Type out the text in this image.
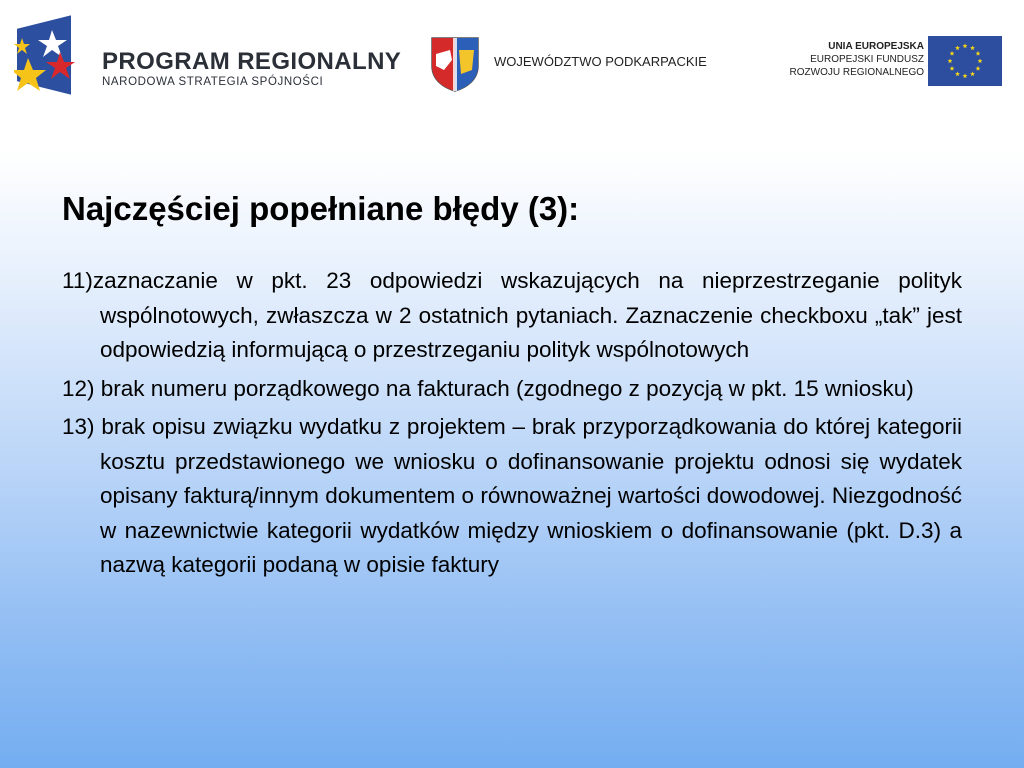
PROGRAM REGIONALNY
NARODOWA STRATEGIA SPÓJNOŚCI
WOJEWÓDZTWO PODKARPACKIE
UNIA EUROPEJSKA
EUROPEJSKI FUNDUSZ
ROZWOJU REGIONALNEGO
Najczęściej popełniane błędy (3):
11)zaznaczanie w pkt. 23 odpowiedzi wskazujących na nieprzestrzeganie polityk wspólnotowych, zwłaszcza w 2 ostatnich pytaniach. Zaznaczenie checkboxu „tak” jest odpowiedzią informującą o przestrzeganiu polityk wspólnotowych
12) brak numeru porządkowego na fakturach (zgodnego z pozycją w pkt. 15 wniosku)
13) brak opisu związku wydatku z projektem – brak przyporządkowania do której kategorii kosztu przedstawionego we wniosku o dofinansowanie projektu odnosi się wydatek opisany fakturą/innym dokumentem o równoważnej wartości dowodowej. Niezgodność w nazewnictwie kategorii wydatków między wnioskiem o dofinansowanie (pkt. D.3) a nazwą kategorii podaną w opisie faktury
